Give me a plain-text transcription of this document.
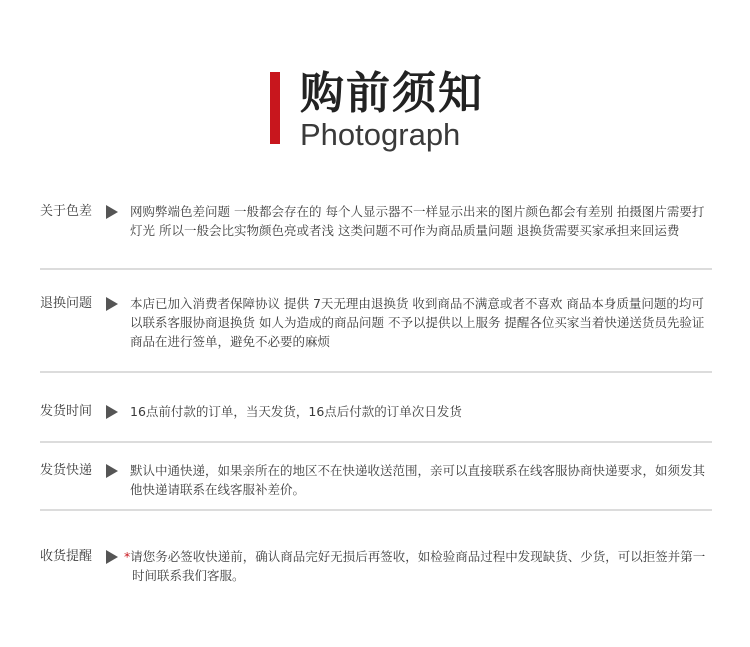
购前须知
Photograph
关于色差	网购弊端色差问题 一般都会存在的 每个人显示器不一样显示出来的图片颜色都会有差别 拍摄图片需要打灯光 所以一般会比实物颜色亮或者浅 这类问题不可作为商品质量问题 退换货需要买家承担来回运费
退换问题	本店已加入消费者保障协议 提供 7天无理由退换货 收到商品不满意或者不喜欢 商品本身质量问题的均可以联系客服协商退换货 如人为造成的商品问题 不予以提供以上服务 提醒各位买家当着快递送货员先验证商品在进行签单，避免不必要的麻烦
发货时间	16点前付款的订单，当天发货，16点后付款的订单次日发货
发货快递	默认中通快递，如果亲所在的地区不在快递收送范围，亲可以直接联系在线客服协商快递要求，如须发其他快递请联系在线客服补差价。
收货提醒	*请您务必签收快递前，确认商品完好无损后再签收，如检验商品过程中发现缺货、少货，可以拒签并第一时间联系我们客服。
